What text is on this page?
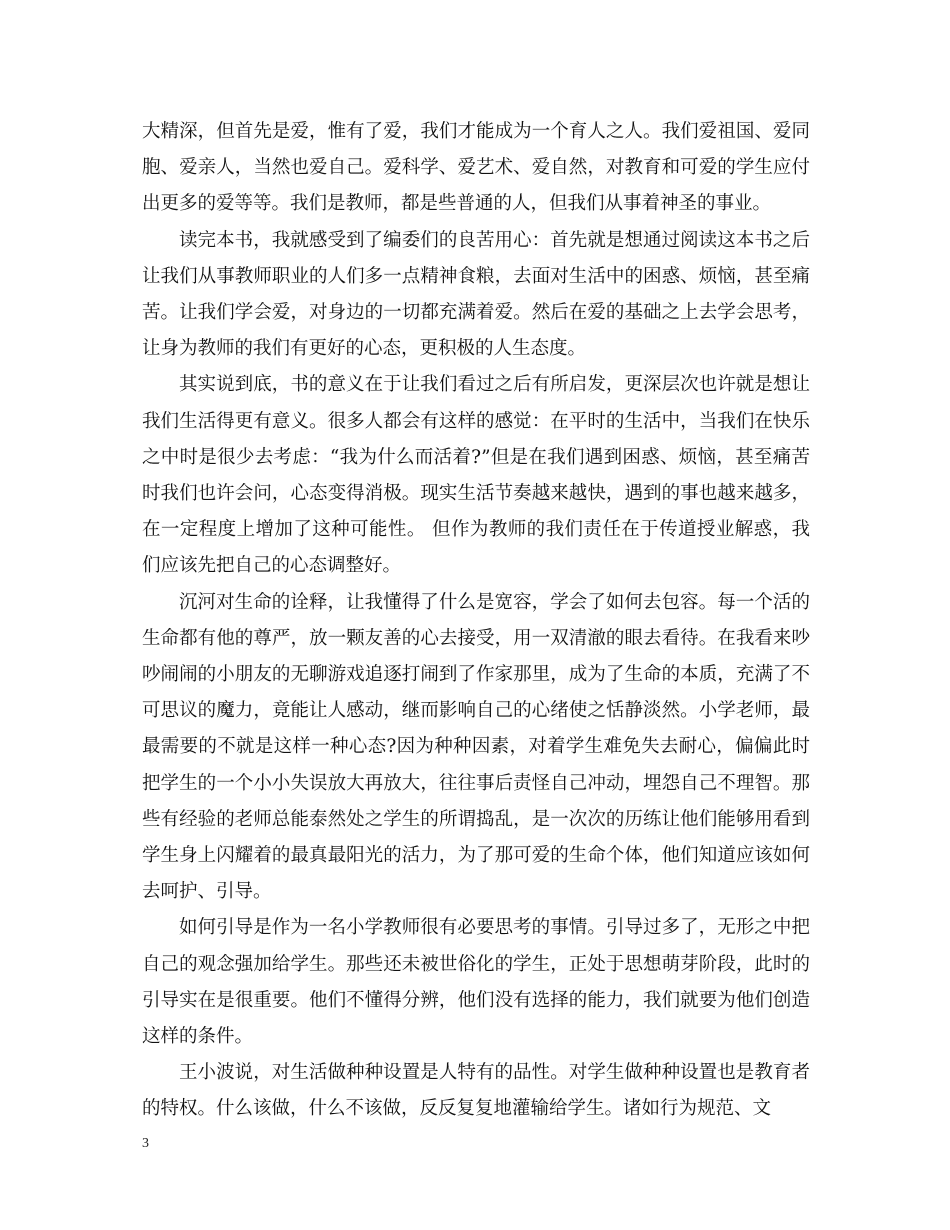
大精深，但首先是爱，惟有了爱，我们才能成为一个育人之人。我们爱祖国、爱同胞、爱亲人，当然也爱自己。爱科学、爱艺术、爱自然，对教育和可爱的学生应付出更多的爱等等。我们是教师，都是些普通的人，但我们从事着神圣的事业。

读完本书，我就感受到了编委们的良苦用心：首先就是想通过阅读这本书之后让我们从事教师职业的人们多一点精神食粮，去面对生活中的困惑、烦恼，甚至痛苦。让我们学会爱，对身边的一切都充满着爱。然后在爱的基础之上去学会思考，让身为教师的我们有更好的心态，更积极的人生态度。

其实说到底，书的意义在于让我们看过之后有所启发，更深层次也许就是想让我们生活得更有意义。很多人都会有这样的感觉：在平时的生活中，当我们在快乐之中时是很少去考虑：“我为什么而活着?”但是在我们遇到困惑、烦恼，甚至痛苦时我们也许会问，心态变得消极。现实生活节奏越来越快，遇到的事也越来越多，在一定程度上增加了这种可能性。 但作为教师的我们责任在于传道授业解惑，我们应该先把自己的心态调整好。

沉河对生命的诠释，让我懂得了什么是宽容，学会了如何去包容。每一个活的生命都有他的尊严，放一颗友善的心去接受，用一双清澈的眼去看待。在我看来吵吵闹闹的小朋友的无聊游戏追逐打闹到了作家那里，成为了生命的本质，充满了不可思议的魔力，竟能让人感动，继而影响自己的心绪使之恬静淡然。小学老师，最最需要的不就是这样一种心态?因为种种因素，对着学生难免失去耐心，偏偏此时把学生的一个小小失误放大再放大，往往事后责怪自己冲动，埋怨自己不理智。那些有经验的老师总能泰然处之学生的所谓捣乱，是一次次的历练让他们能够用看到学生身上闪耀着的最真最阳光的活力，为了那可爱的生命个体，他们知道应该如何去呵护、引导。

如何引导是作为一名小学教师很有必要思考的事情。引导过多了，无形之中把自己的观念强加给学生。那些还未被世俗化的学生，正处于思想萌芽阶段，此时的引导实在是很重要。他们不懂得分辨，他们没有选择的能力，我们就要为他们创造这样的条件。

王小波说，对生活做种种设置是人特有的品性。对学生做种种设置也是教育者的特权。什么该做，什么不该做，反反复复地灌输给学生。诸如行为规范、文

3
